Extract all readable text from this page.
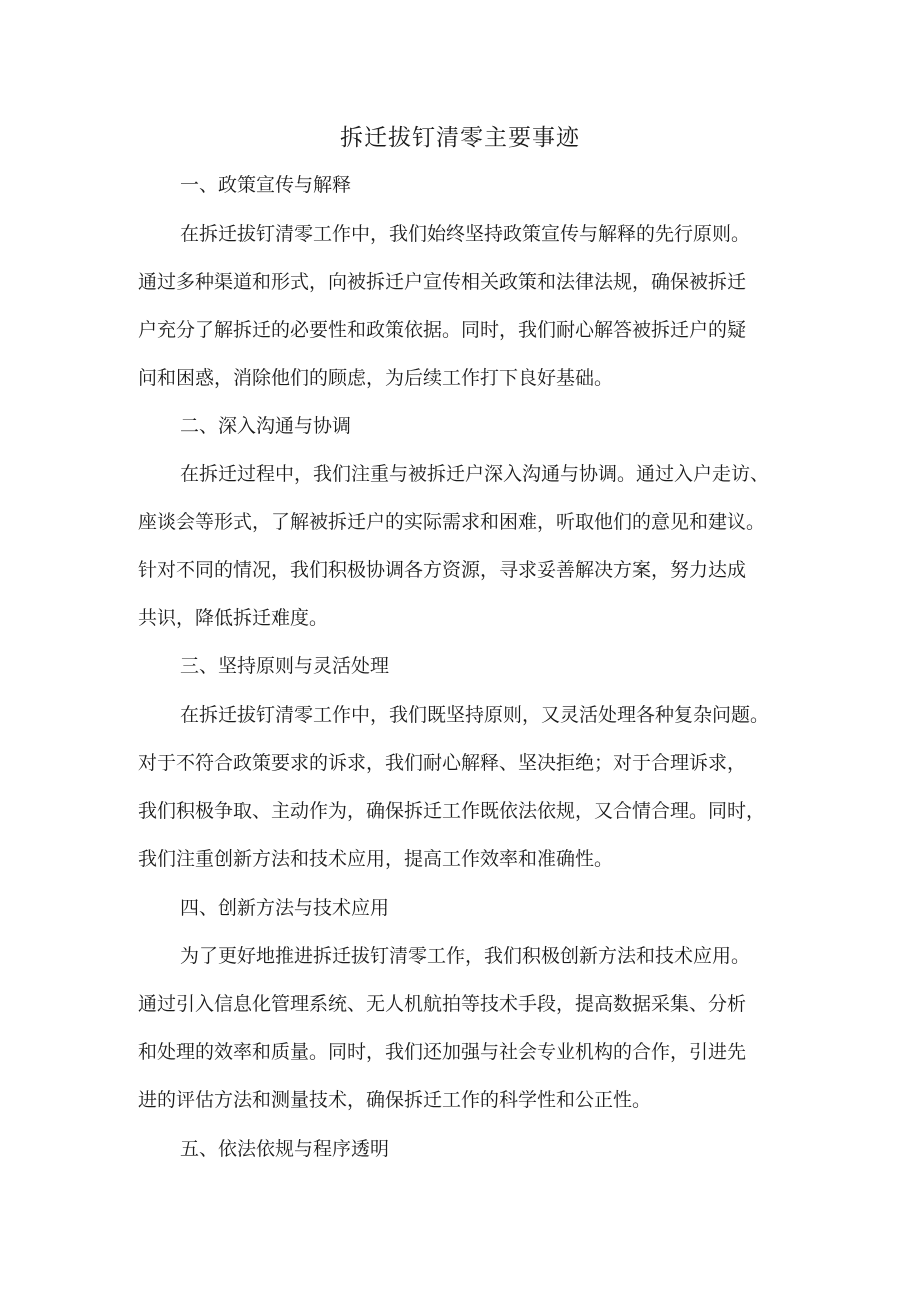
拆迁拔钉清零主要事迹
一、政策宣传与解释

在拆迁拔钉清零工作中，我们始终坚持政策宣传与解释的先行原则。

通过多种渠道和形式，向被拆迁户宣传相关政策和法律法规，确保被拆迁

户充分了解拆迁的必要性和政策依据。同时，我们耐心解答被拆迁户的疑

问和困惑，消除他们的顾虑，为后续工作打下良好基础。

二、深入沟通与协调

在拆迁过程中，我们注重与被拆迁户深入沟通与协调。通过入户走访、

座谈会等形式，了解被拆迁户的实际需求和困难，听取他们的意见和建议。

针对不同的情况，我们积极协调各方资源，寻求妥善解决方案，努力达成

共识，降低拆迁难度。

三、坚持原则与灵活处理

在拆迁拔钉清零工作中，我们既坚持原则，又灵活处理各种复杂问题。

对于不符合政策要求的诉求，我们耐心解释、坚决拒绝；对于合理诉求，

我们积极争取、主动作为，确保拆迁工作既依法依规，又合情合理。同时，

我们注重创新方法和技术应用，提高工作效率和准确性。

四、创新方法与技术应用

为了更好地推进拆迁拔钉清零工作，我们积极创新方法和技术应用。

通过引入信息化管理系统、无人机航拍等技术手段，提高数据采集、分析

和处理的效率和质量。同时，我们还加强与社会专业机构的合作，引进先

进的评估方法和测量技术，确保拆迁工作的科学性和公正性。

五、依法依规与程序透明
